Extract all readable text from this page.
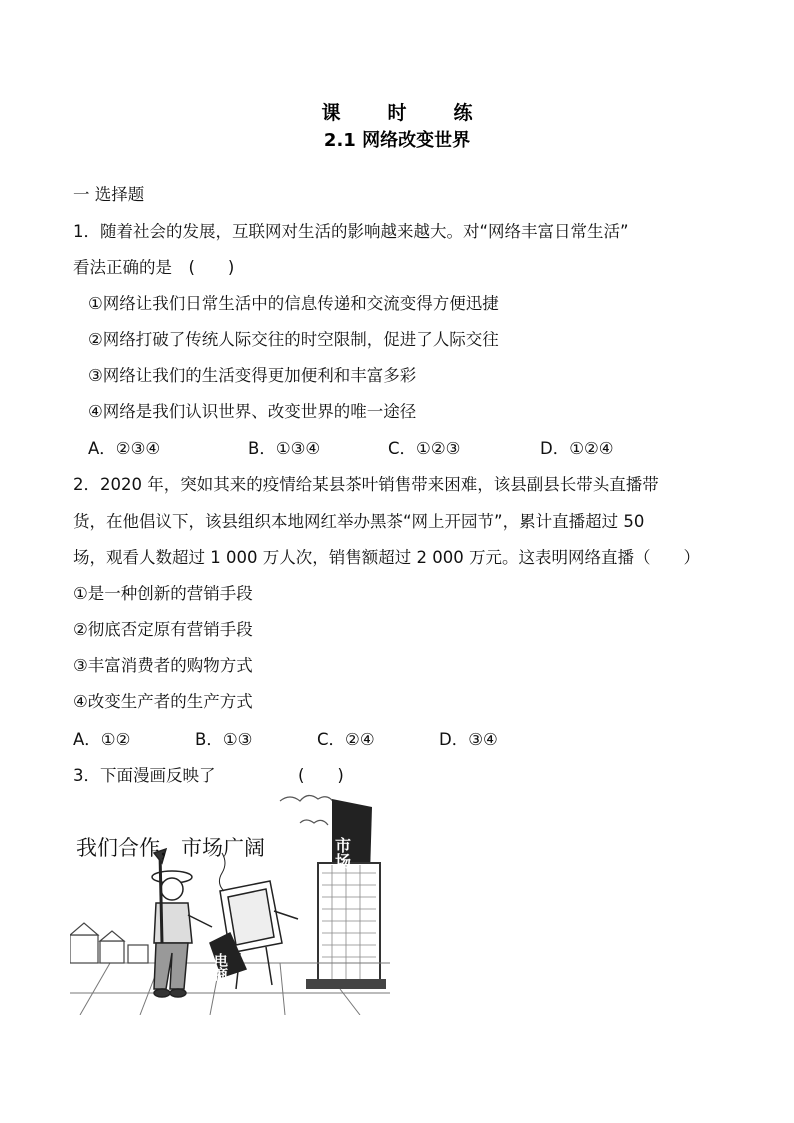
课　时　练
2.1 网络改变世界
一 选择题
1．随着社会的发展，互联网对生活的影响越来越大。对“网络丰富日常生活”
看法正确的是　(　　)
①网络让我们日常生活中的信息传递和交流变得方便迅捷
②网络打破了传统人际交往的时空限制，促进了人际交往
③网络让我们的生活变得更加便利和丰富多彩
④网络是我们认识世界、改变世界的唯一途径
A．②③④	B．①③④	C．①②③	D．①②④
2．2020 年，突如其来的疫情给某县茶叶销售带来困难，该县副县长带头直播带
货，在他倡议下，该县组织本地网红举办黑茶“网上开园节”，累计直播超过 50
场，观看人数超过 1 000 万人次，销售额超过 2 000 万元。这表明网络直播（　　）
①是一种创新的营销手段
②彻底否定原有营销手段
③丰富消费者的购物方式
④改变生产者的生产方式
A．①②	B．①③	C．②④	D．③④
3．下面漫画反映了　　　　　(　　)
我们合作，市场广阔	市场
电商
